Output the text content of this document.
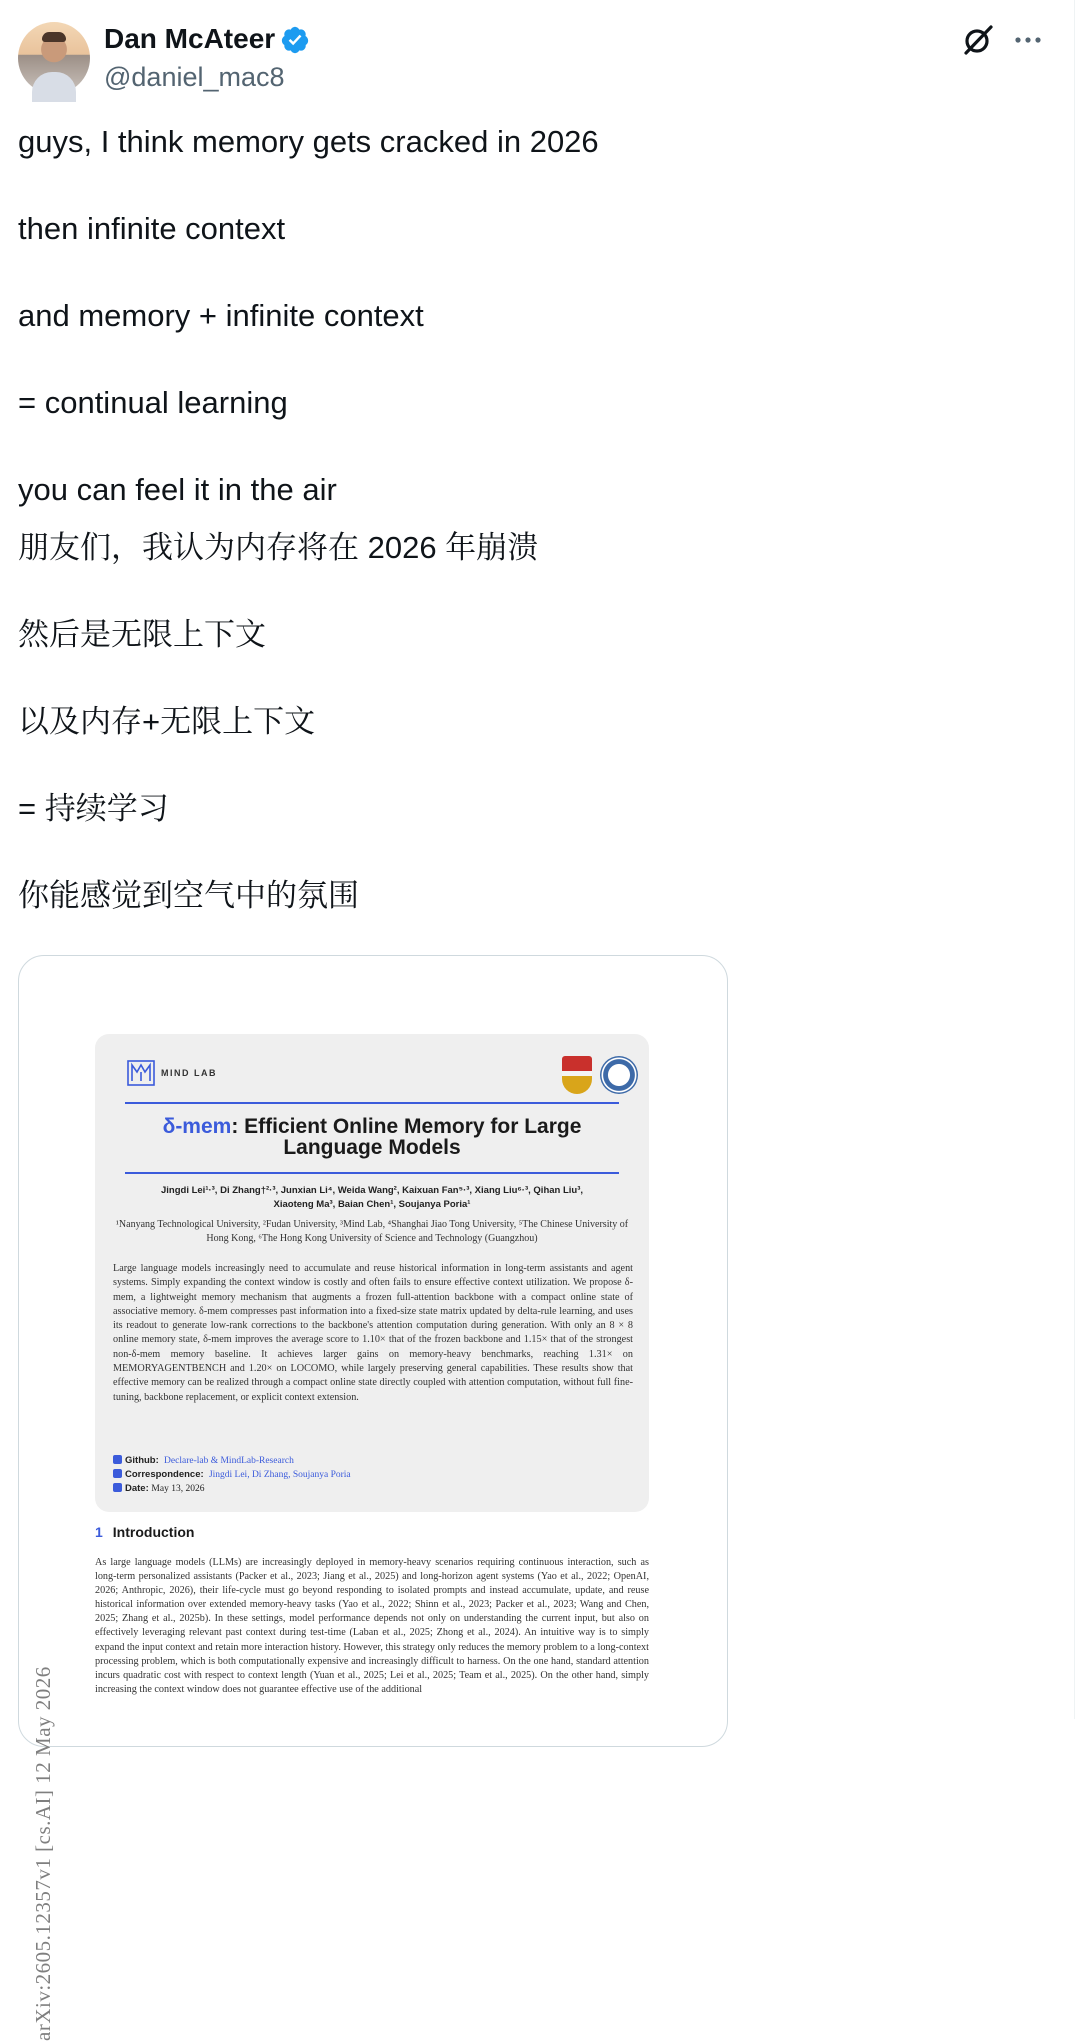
Dan McAteer
@daniel_mac8
guys, I think memory gets cracked in 2026
then infinite context
and memory + infinite context
= continual learning
you can feel it in the air
朋友们，我认为内存将在 2026 年崩溃
然后是无限上下文
以及内存+无限上下文
= 持续学习
你能感觉到空气中的氛围
arXiv:2605.12357v1 [cs.AI] 12 May 2026
MIND LAB
δ-mem: Efficient Online Memory for Large Language Models
Jingdi Lei¹·³, Di Zhang†²·³, Junxian Li⁴, Weida Wang², Kaixuan Fan⁵·³, Xiang Liu⁶·³, Qihan Liu³,
Xiaoteng Ma³, Baian Chen¹, Soujanya Poria¹
¹Nanyang Technological University, ²Fudan University, ³Mind Lab, ⁴Shanghai Jiao Tong University, ⁵The Chinese University of Hong Kong, ⁶The Hong Kong University of Science and Technology (Guangzhou)
Large language models increasingly need to accumulate and reuse historical information in long-term assistants and agent systems. Simply expanding the context window is costly and often fails to ensure effective context utilization. We propose δ-mem, a lightweight memory mechanism that augments a frozen full-attention backbone with a compact online state of associative memory. δ-mem compresses past information into a fixed-size state matrix updated by delta-rule learning, and uses its readout to generate low-rank corrections to the backbone's attention computation during generation. With only an 8 × 8 online memory state, δ-mem improves the average score to 1.10× that of the frozen backbone and 1.15× that of the strongest non-δ-mem memory baseline. It achieves larger gains on memory-heavy benchmarks, reaching 1.31× on MEMORYAGENTBENCH and 1.20× on LOCOMO, while largely preserving general capabilities. These results show that effective memory can be realized through a compact online state directly coupled with attention computation, without full fine-tuning, backbone replacement, or explicit context extension.
Github: Declare-lab & MindLab-Research
Correspondence: Jingdi Lei, Di Zhang, Soujanya Poria
Date: May 13, 2026
1 Introduction
As large language models (LLMs) are increasingly deployed in memory-heavy scenarios requiring continuous interaction, such as long-term personalized assistants (Packer et al., 2023; Jiang et al., 2025) and long-horizon agent systems (Yao et al., 2022; OpenAI, 2026; Anthropic, 2026), their life-cycle must go beyond responding to isolated prompts and instead accumulate, update, and reuse historical information over extended memory-heavy tasks (Yao et al., 2022; Shinn et al., 2023; Packer et al., 2023; Wang and Chen, 2025; Zhang et al., 2025b). In these settings, model performance depends not only on understanding the current input, but also on effectively leveraging relevant past context during test-time (Laban et al., 2025; Zhong et al., 2024). An intuitive way is to simply expand the input context and retain more interaction history. However, this strategy only reduces the memory problem to a long-context processing problem, which is both computationally expensive and increasingly difficult to harness. On the one hand, standard attention incurs quadratic cost with respect to context length (Yuan et al., 2025; Lei et al., 2025; Team et al., 2025). On the other hand, simply increasing the context window does not guarantee effective use of the additional
